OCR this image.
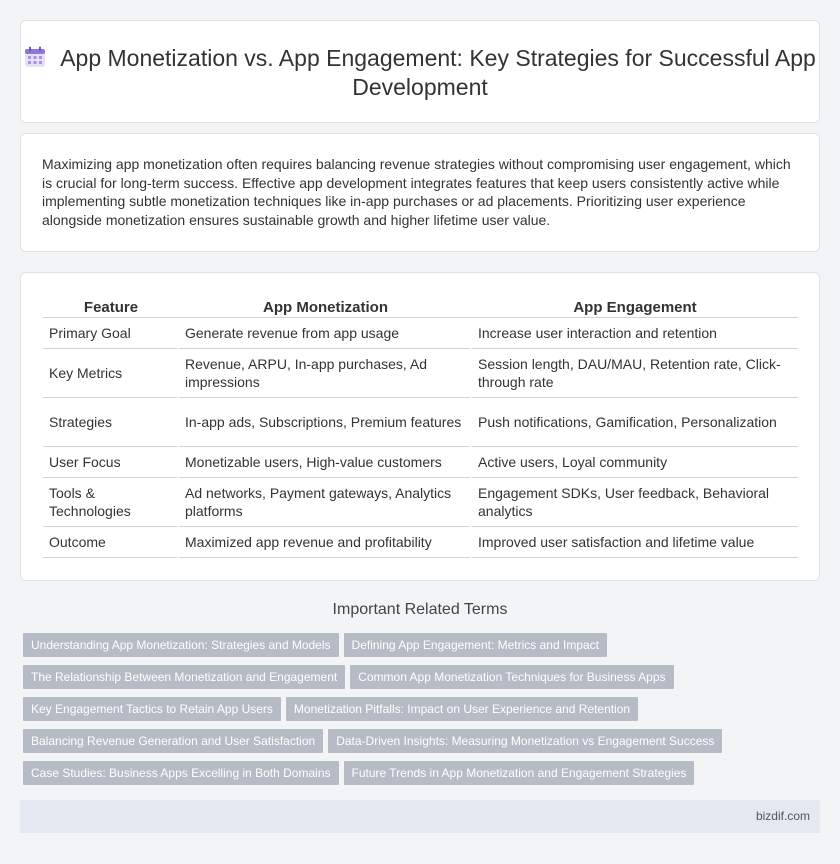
App Monetization vs. App Engagement: Key Strategies for Successful App Development

Maximizing app monetization often requires balancing revenue strategies without compromising user engagement, which is crucial for long-term success. Effective app development integrates features that keep users consistently active while implementing subtle monetization techniques like in-app purchases or ad placements. Prioritizing user experience alongside monetization ensures sustainable growth and higher lifetime user value.

Feature	App Monetization	App Engagement
Primary Goal	Generate revenue from app usage	Increase user interaction and retention
Key Metrics	Revenue, ARPU, In-app purchases, Ad impressions	Session length, DAU/MAU, Retention rate, Click-through rate
Strategies	In-app ads, Subscriptions, Premium features	Push notifications, Gamification, Personalization
User Focus	Monetizable users, High-value customers	Active users, Loyal community
Tools & Technologies	Ad networks, Payment gateways, Analytics platforms	Engagement SDKs, User feedback, Behavioral analytics
Outcome	Maximized app revenue and profitability	Improved user satisfaction and lifetime value
Important Related Terms
Understanding App Monetization: Strategies and Models Defining App Engagement: Metrics and Impact
The Relationship Between Monetization and Engagement Common App Monetization Techniques for Business Apps
Key Engagement Tactics to Retain App Users Monetization Pitfalls: Impact on User Experience and Retention
Balancing Revenue Generation and User Satisfaction Data-Driven Insights: Measuring Monetization vs Engagement Success
Case Studies: Business Apps Excelling in Both Domains Future Trends in App Monetization and Engagement Strategies
bizdif.com
